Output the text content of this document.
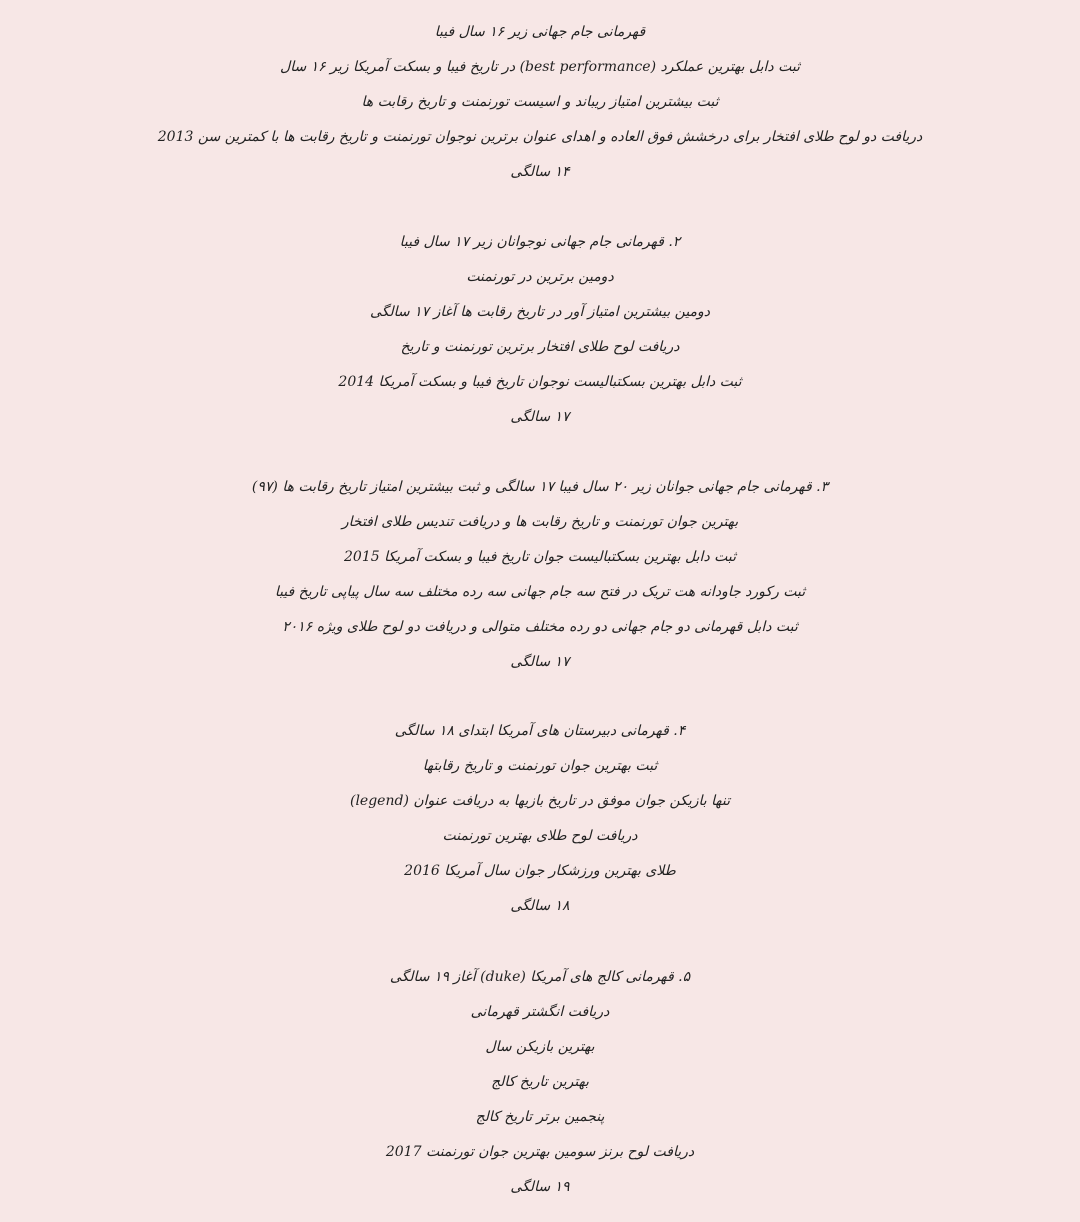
قهرمانی جام جهانی زیر ۱۶ سال فیبا
ثبت دابل بهترین عملکرد (best performance) در تاریخ فیبا و بسکت آمریکا زیر ۱۶ سال
ثبت بیشترین امتیاز ریباند و اسیست تورنمنت و تاریخ رقابت ها
دریافت دو لوح طلای افتخار برای درخشش فوق العاده و اهدای عنوان برترین نوجوان تورنمنت و تاریخ رقابت ها با کمترین سن 2013
۱۴ سالگی
۲. قهرمانی جام جهانی نوجوانان زیر ۱۷ سال فیبا
دومین برترین در تورنمنت
دومین بیشترین امتیاز آور در تاریخ رقابت ها آغاز ۱۷ سالگی
دریافت لوح طلای افتخار برترین تورنمنت و تاریخ
ثبت دابل بهترین بسکتبالیست نوجوان تاریخ فیبا و بسکت آمریکا 2014
۱۷ سالگی
۳. قهرمانی جام جهانی جوانان زیر ۲۰ سال فیبا ۱۷ سالگی و ثبت بیشترین امتیاز تاریخ رقابت ها (۹۷)
بهترین جوان تورنمنت و تاریخ رقابت ها و دریافت تندیس طلای افتخار
ثبت دابل بهترین بسکتبالیست جوان تاریخ فیبا و بسکت آمریکا 2015
ثبت رکورد جاودانه هت تریک در فتح سه جام جهانی سه رده مختلف سه سال پیاپی تاریخ فیبا
ثبت دابل قهرمانی دو جام جهانی دو رده مختلف متوالی و دریافت دو لوح طلای ویژه ۲۰۱۶
۱۷ سالگی
۴. قهرمانی دبیرستان های آمریکا ابتدای ۱۸ سالگی
ثبت بهترین جوان تورنمنت و تاریخ رقابتها
تنها بازیکن جوان موفق در تاریخ بازیها به دریافت عنوان (legend)
دریافت لوح طلای بهترین تورنمنت
طلای بهترین ورزشکار جوان سال آمریکا 2016
۱۸ سالگی
۵. قهرمانی کالج های آمریکا (duke) آغاز ۱۹ سالگی
دریافت انگشتر قهرمانی
بهترین بازیکن سال
بهترین تاریخ کالج
پنجمین برتر تاریخ کالج
دریافت لوح برنز سومین بهترین جوان تورنمنت 2017
۱۹ سالگی
